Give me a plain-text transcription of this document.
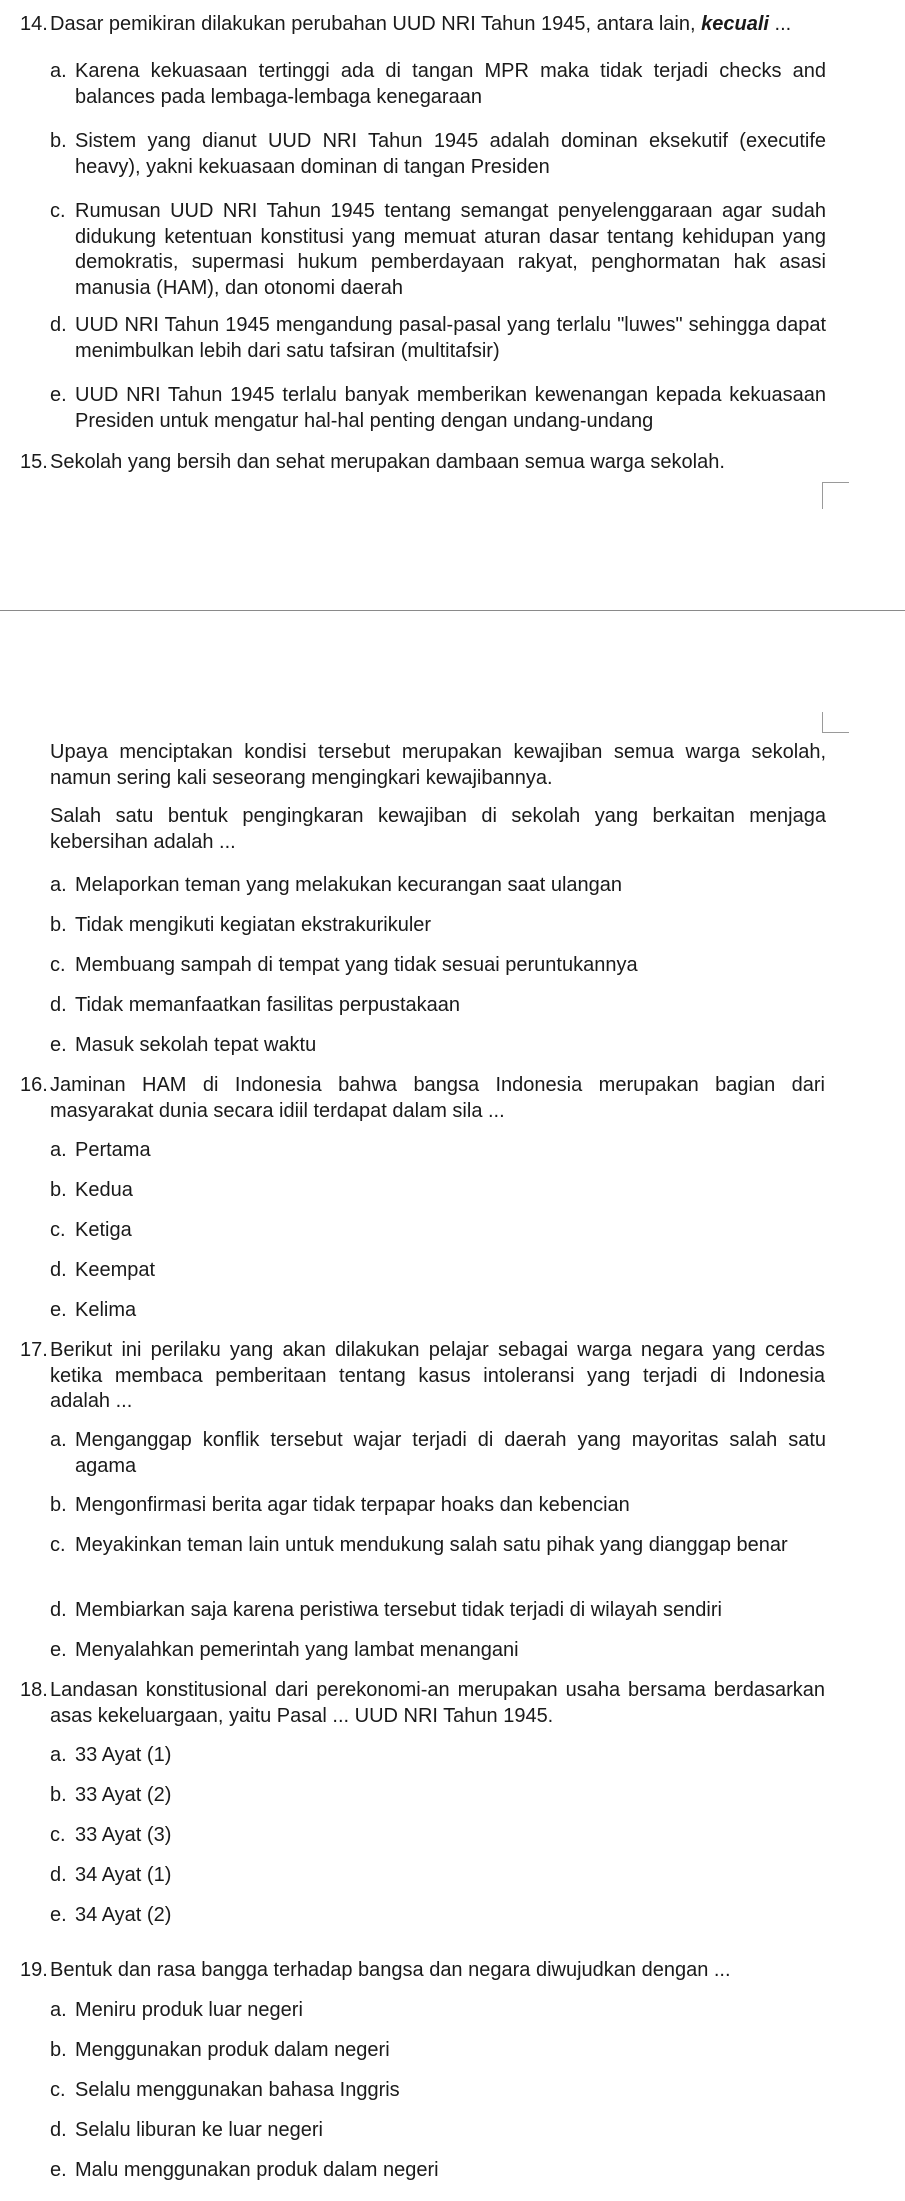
14. Dasar pemikiran dilakukan perubahan UUD NRI Tahun 1945, antara lain, kecuali ...
a. Karena kekuasaan tertinggi ada di tangan MPR maka tidak terjadi checks and balances pada lembaga-lembaga kenegaraan
b. Sistem yang dianut UUD NRI Tahun 1945 adalah dominan eksekutif (executife heavy), yakni kekuasaan dominan di tangan Presiden
c. Rumusan UUD NRI Tahun 1945 tentang semangat penyelenggaraan agar sudah didukung ketentuan konstitusi yang memuat aturan dasar tentang kehidupan yang demokratis, supermasi hukum pemberdayaan rakyat, penghormatan hak asasi manusia (HAM), dan otonomi daerah
d. UUD NRI Tahun 1945 mengandung pasal-pasal yang terlalu "luwes" sehingga dapat menimbulkan lebih dari satu tafsiran (multitafsir)
e. UUD NRI Tahun 1945 terlalu banyak memberikan kewenangan kepada kekuasaan Presiden untuk mengatur hal-hal penting dengan undang-undang
15. Sekolah yang bersih dan sehat merupakan dambaan semua warga sekolah.
Upaya menciptakan kondisi tersebut merupakan kewajiban semua warga sekolah, namun sering kali seseorang mengingkari kewajibannya.
Salah satu bentuk pengingkaran kewajiban di sekolah yang berkaitan menjaga kebersihan adalah ...
a. Melaporkan teman yang melakukan kecurangan saat ulangan
b. Tidak mengikuti kegiatan ekstrakurikuler
c. Membuang sampah di tempat yang tidak sesuai peruntukannya
d. Tidak memanfaatkan fasilitas perpustakaan
e. Masuk sekolah tepat waktu
16. Jaminan HAM di Indonesia bahwa bangsa Indonesia merupakan bagian dari masyarakat dunia secara idiil terdapat dalam sila ...
a. Pertama
b. Kedua
c. Ketiga
d. Keempat
e. Kelima
17. Berikut ini perilaku yang akan dilakukan pelajar sebagai warga negara yang cerdas ketika membaca pemberitaan tentang kasus intoleransi yang terjadi di Indonesia adalah ...
a. Menganggap konflik tersebut wajar terjadi di daerah yang mayoritas salah satu agama
b. Mengonfirmasi berita agar tidak terpapar hoaks dan kebencian
c. Meyakinkan teman lain untuk mendukung salah satu pihak yang dianggap benar
d. Membiarkan saja karena peristiwa tersebut tidak terjadi di wilayah sendiri
e. Menyalahkan pemerintah yang lambat menangani
18. Landasan konstitusional dari perekonomi-an merupakan usaha bersama berdasarkan asas kekeluargaan, yaitu Pasal ... UUD NRI Tahun 1945.
a. 33 Ayat (1)
b. 33 Ayat (2)
c. 33 Ayat (3)
d. 34 Ayat (1)
e. 34 Ayat (2)
19. Bentuk dan rasa bangga terhadap bangsa dan negara diwujudkan dengan ...
a. Meniru produk luar negeri
b. Menggunakan produk dalam negeri
c. Selalu menggunakan bahasa Inggris
d. Selalu liburan ke luar negeri
e. Malu menggunakan produk dalam negeri
